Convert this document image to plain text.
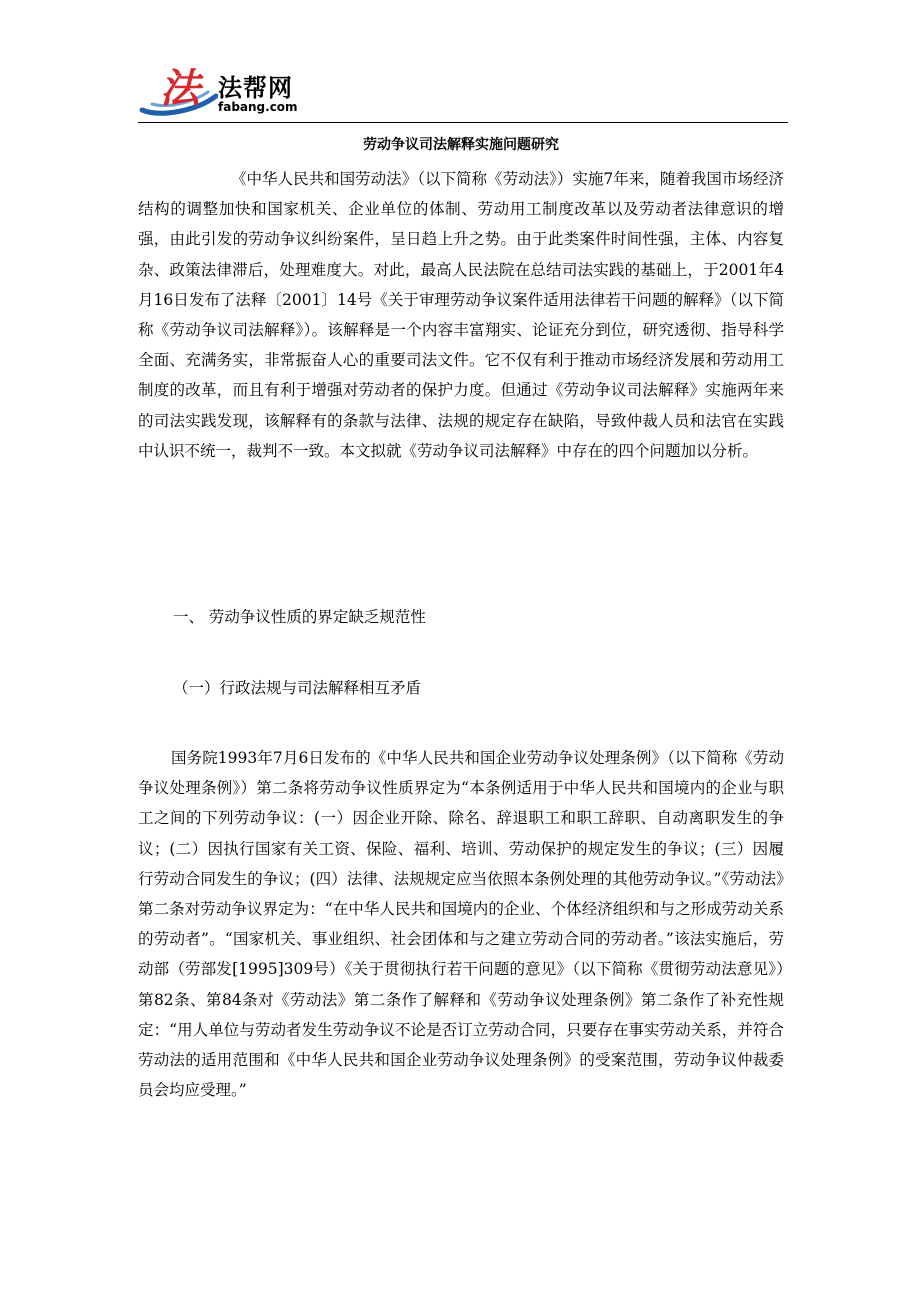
法 法帮网
fabang.com
劳动争议司法解释实施问题研究

《中华人民共和国劳动法》（以下简称《劳动法》）实施7年来，随着我国市场经济结构的调整加快和国家机关、企业单位的体制、劳动用工制度改革以及劳动者法律意识的增强，由此引发的劳动争议纠纷案件，呈日趋上升之势。由于此类案件时间性强，主体、内容复杂、政策法律滞后，处理难度大。对此，最高人民法院在总结司法实践的基础上，于2001年4月16日发布了法释〔2001〕14号《关于审理劳动争议案件适用法律若干问题的解释》（以下简称《劳动争议司法解释》）。该解释是一个内容丰富翔实、论证充分到位，研究透彻、指导科学全面、充满务实，非常振奋人心的重要司法文件。它不仅有利于推动市场经济发展和劳动用工制度的改革，而且有利于增强对劳动者的保护力度。但通过《劳动争议司法解释》实施两年来的司法实践发现，该解释有的条款与法律、法规的规定存在缺陷，导致仲裁人员和法官在实践中认识不统一，裁判不一致。本文拟就《劳动争议司法解释》中存在的四个问题加以分析。

一、 劳动争议性质的界定缺乏规范性

（一）行政法规与司法解释相互矛盾

国务院1993年7月6日发布的《中华人民共和国企业劳动争议处理条例》（以下简称《劳动争议处理条例》）第二条将劳动争议性质界定为“本条例适用于中华人民共和国境内的企业与职工之间的下列劳动争议：(一）因企业开除、除名、辞退职工和职工辞职、自动离职发生的争议；(二）因执行国家有关工资、保险、福利、培训、劳动保护的规定发生的争议；(三）因履行劳动合同发生的争议；(四）法律、法规规定应当依照本条例处理的其他劳动争议。”《劳动法》第二条对劳动争议界定为：“在中华人民共和国境内的企业、个体经济组织和与之形成劳动关系的劳动者”。“国家机关、事业组织、社会团体和与之建立劳动合同的劳动者。”该法实施后，劳动部（劳部发[1995]309号）《关于贯彻执行若干问题的意见》（以下简称《贯彻劳动法意见》）第82条、第84条对《劳动法》第二条作了解释和《劳动争议处理条例》第二条作了补充性规定：“用人单位与劳动者发生劳动争议不论是否订立劳动合同，只要存在事实劳动关系，并符合劳动法的适用范围和《中华人民共和国企业劳动争议处理条例》的受案范围，劳动争议仲裁委员会均应受理。”
